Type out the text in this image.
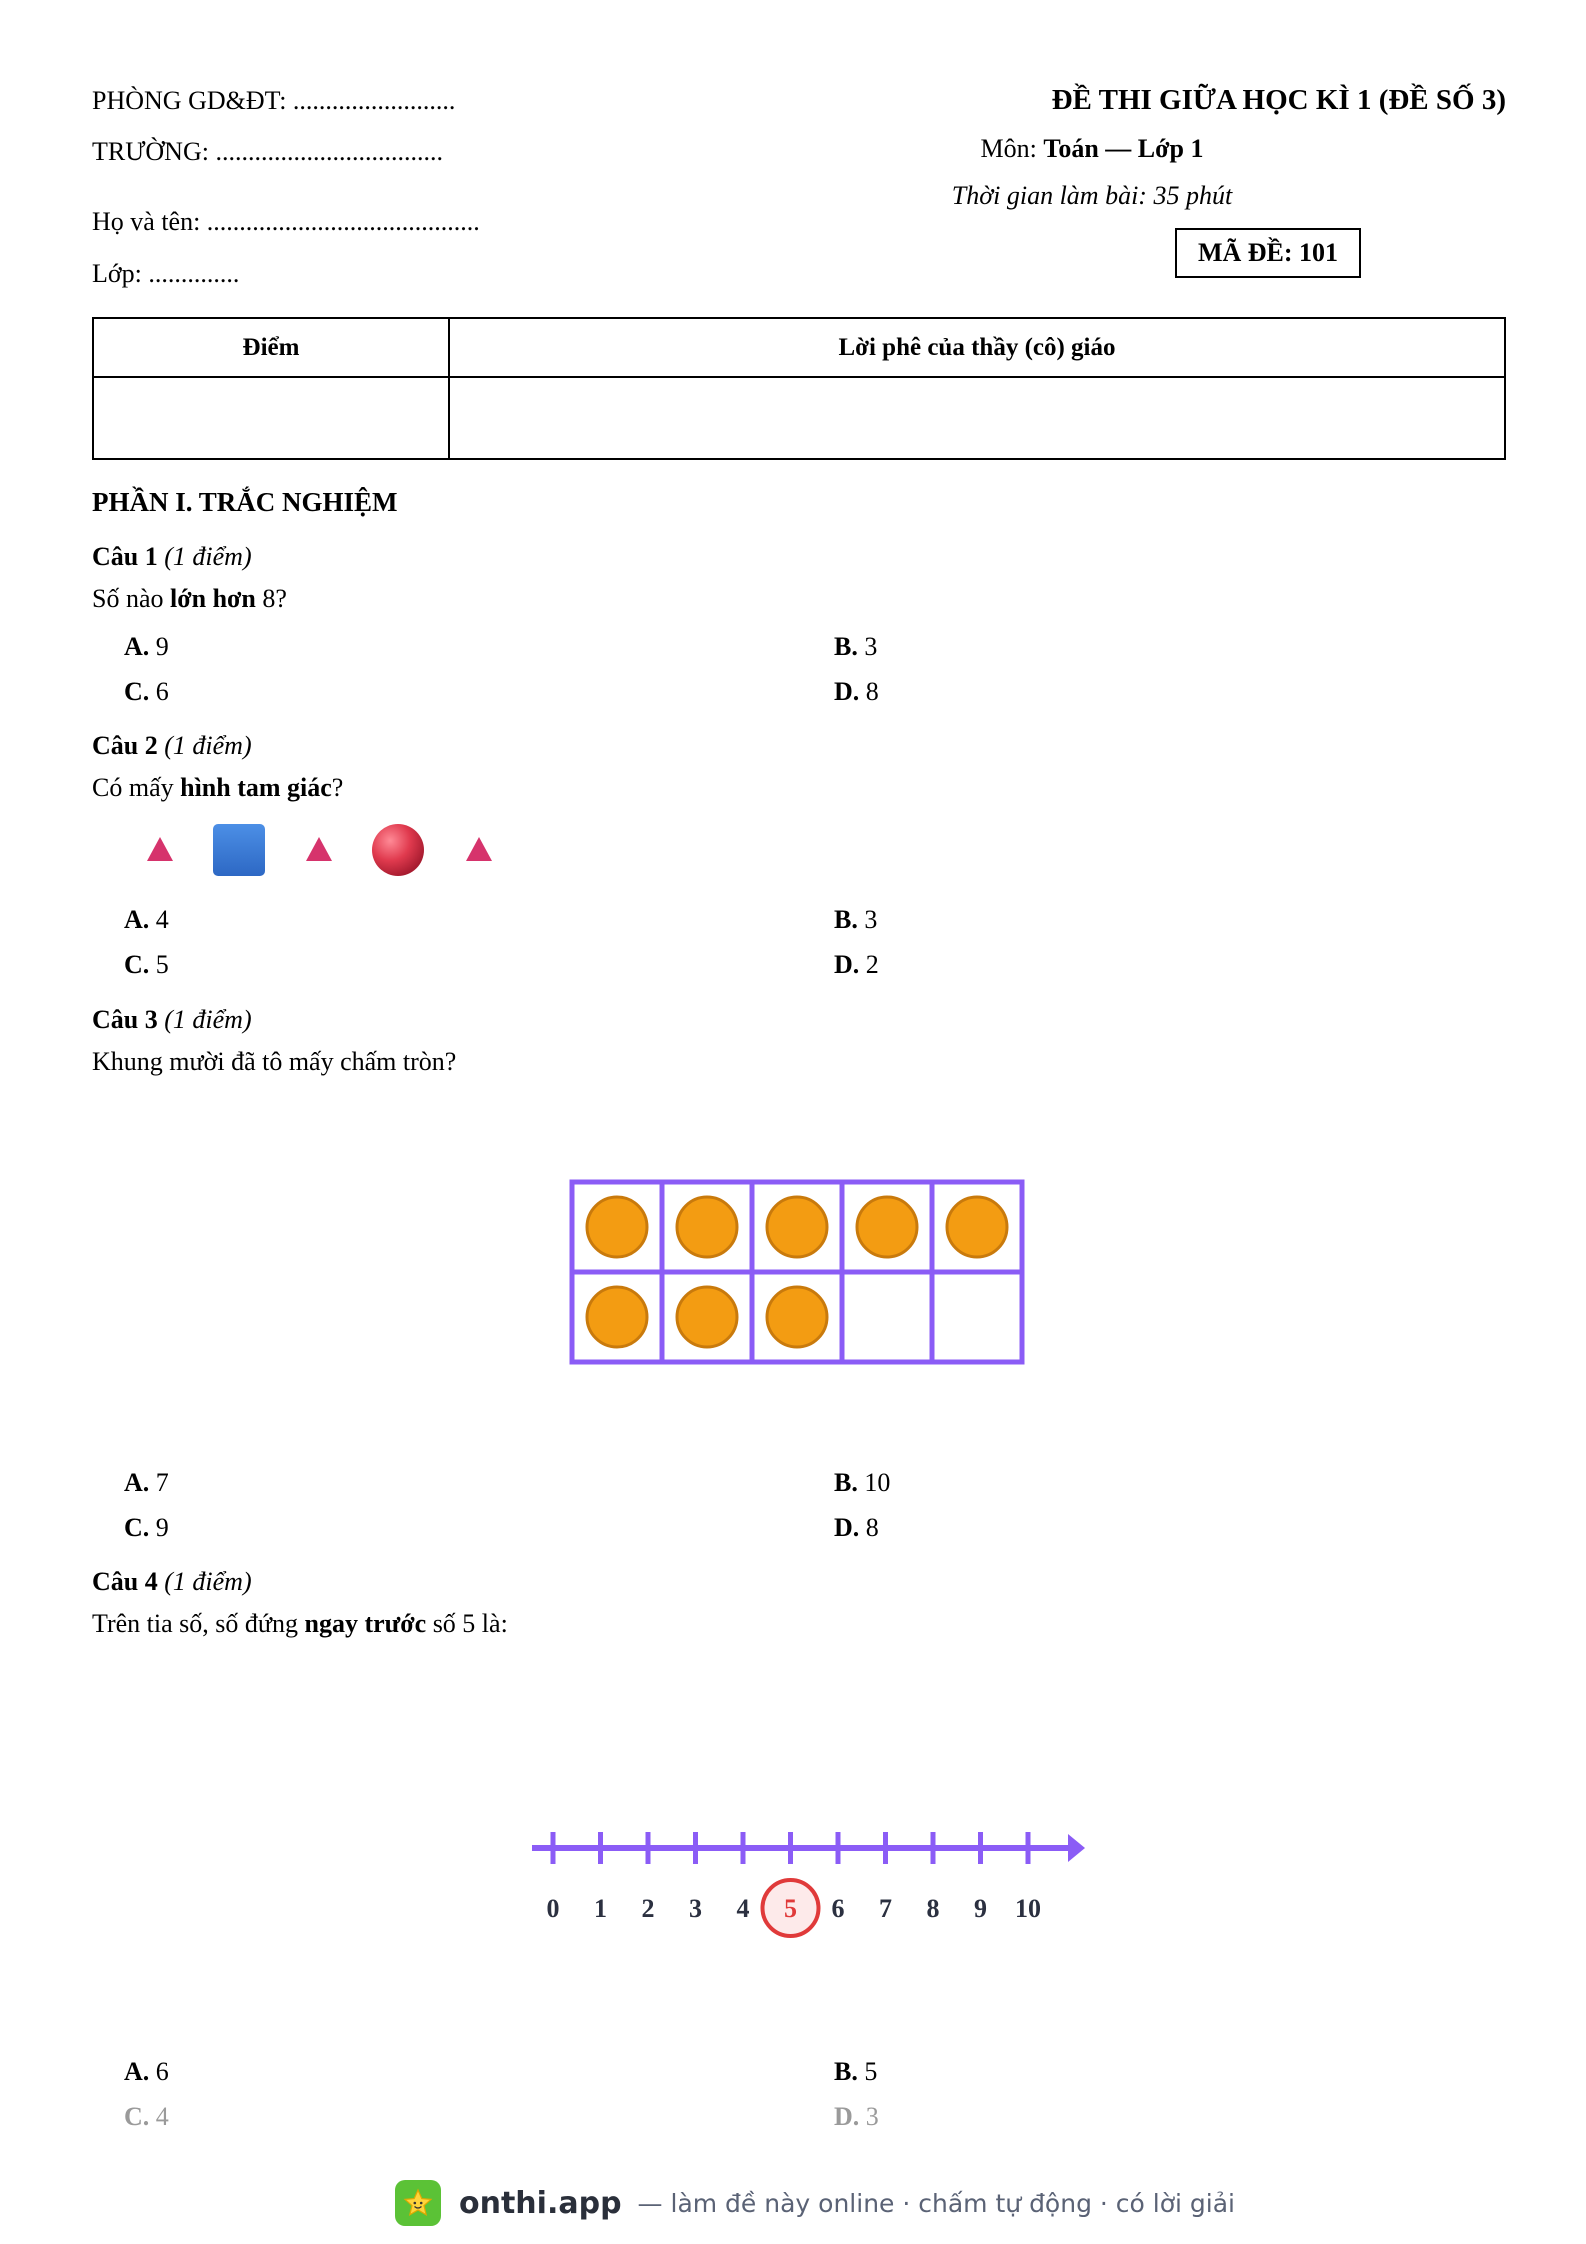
PHÒNG GD&ĐT: .........................
TRƯỜNG: ...................................
Họ và tên: ..........................................
Lớp: ..............
ĐỀ THI GIỮA HỌC KÌ 1 (ĐỀ SỐ 3)
Môn: Toán — Lớp 1
Thời gian làm bài: 35 phút
MÃ ĐỀ: 101
Điểm	Lời phê của thầy (cô) giáo

PHẦN I. TRẮC NGHIỆM
Câu 1 (1 điểm)
Số nào lớn hơn 8?
A. 9	B. 3
C. 6	D. 8
Câu 2 (1 điểm)
Có mấy hình tam giác?
A. 4	B. 3
C. 5	D. 2
Câu 3 (1 điểm)
Khung mười đã tô mấy chấm tròn?
A. 7	B. 10
C. 9	D. 8
Câu 4 (1 điểm)
Trên tia số, số đứng ngay trước số 5 là:
0 1 2 3 4 5 6 7 8 9 10
A. 6	B. 5
C. 4	D. 3
onthi.app — làm đề này online · chấm tự động · có lời giải
